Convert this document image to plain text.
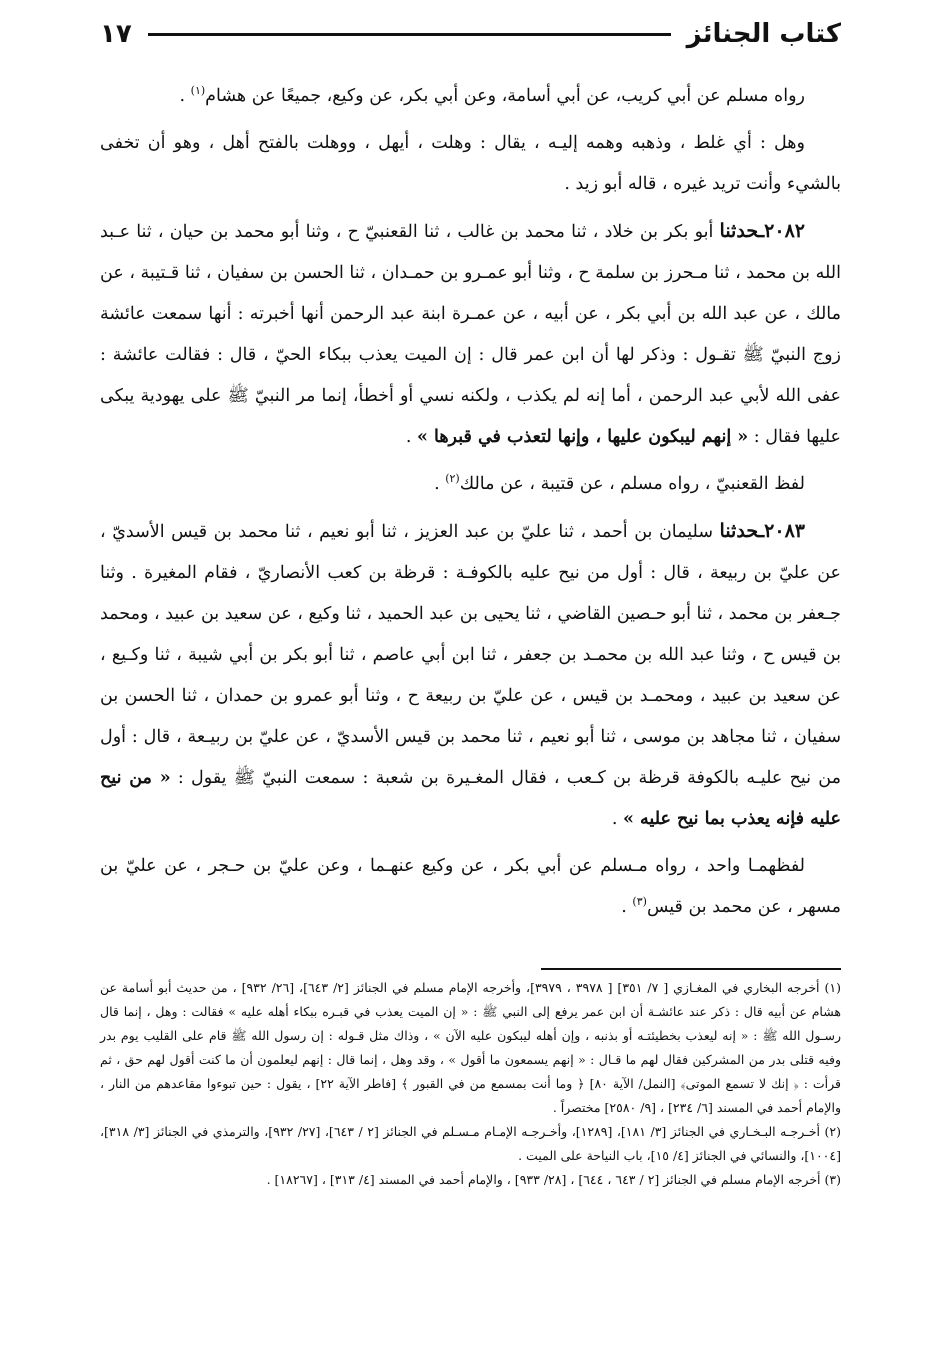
كتاب الجنائز
١٧

رواه مسلم عن أبي كريب، عن أبي أسامة، وعن أبي بكر، عن وكيع، جميعًا عن هشام$^{(١)}$ .

وهل : أي غلط ، وذهبه وهمه إليـه ، يقال : وهلت ، أيهل ، ووهلت بالفتح أهل ، وهو أن تخفى بالشيء وأنت تريد غيره ، قاله أبو زيد .

٢٠٨٢ـحدثنا أبو بكر بن خلاد ، ثنا محمد بن غالب ، ثنا القعنبيّ ح ، وثنا أبو محمد بن حيان ، ثنا عـبد الله بن محمد ، ثنا مـحرز بن سلمة ح ، وثنا أبو عمـرو بن حمـدان ، ثنا الحسن بن سفيان ، ثنا قـتيبة ، عن مالك ، عن عبد الله بن أبي بكر ، عن أبيه ، عن عمـرة ابنة عبد الرحمن أنها أخبرته : أنها سمعت عائشة زوج النبيّ ﷺ تقـول : وذكر لها أن ابن عمر قال : إن الميت يعذب ببكاء الحيّ ، قال : فقالت عائشة : عفى الله لأبي عبد الرحمن ، أما إنه لم يكذب ، ولكنه نسي أو أخطأ، إنما مر النبيّ ﷺ على يهودية يبكى عليها فقال : « إنهم ليبكون عليها ، وإنها لتعذب في قبرها » .

لفظ القعنبيّ ، رواه مسلم ، عن قتيبة ، عن مالك$^{(٢)}$ .

٢٠٨٣ـحدثنا سليمان بن أحمد ، ثنا عليّ بن عبد العزيز ، ثنا أبو نعيم ، ثنا محمد بن قيس الأسديّ ، عن عليّ بن ربيعة ، قال : أول من نيح عليه بالكوفـة : قرظة بن كعب الأنصاريّ ، فقام المغيرة . وثنا جـعفر بن محمد ، ثنا أبو حـصين القاضي ، ثنا يحيى بن عبد الحميد ، ثنا وكيع ، عن سعيد بن عبيد ، ومحمد بن قيس ح ، وثنا عبد الله بن محمـد بن جعفر ، ثنا ابن أبي عاصم ، ثنا أبو بكر بن أبي شيبة ، ثنا وكـيع ، عن سعيد بن عبيد ، ومحمـد بن قيس ، عن عليّ بن ربيعة ح ، وثنا أبو عمرو بن حمدان ، ثنا الحسن بن سفيان ، ثنا مجاهد بن موسى ، ثنا أبو نعيم ، ثنا محمد بن قيس الأسديّ ، عن عليّ بن ربيـعة ، قال : أول من نيح عليـه بالكوفة قرظة بن كـعب ، فقال المغـيرة بن شعبة : سمعت النبيّ ﷺ يقول : « من نيح عليه فإنه يعذب بما نيح عليه » .

لفظهمـا واحد ، رواه مـسلم عن أبي بكر ، عن وكيع عنهـما ، وعن عليّ بن حـجر ، عن عليّ بن مسهر ، عن محمد بن قيس$^{(٣)}$ .

(١) أخرجه البخاري في المغـازي [ ٧/ ٣٥١] [ ٣٩٧٨ ، ٣٩٧٩]، وأخرجه الإمام مسلم في الجنائز [٢/ ٦٤٣]، [٢٦/ ٩٣٢] ، من حديث أبو أسامة عن هشام عن أبيه قال : ذكر عند عائشـة أن ابن عمر يرفع إلى النبي ﷺ : « إن الميت يعذب في قبـره ببكاء أهله عليه » فقالت : وهل ، إنما قال رسـول الله ﷺ : « إنه ليعذب بخطيئتـه أو بذنبه ، وإن أهله ليبكون عليه الآن » ، وذاك مثل قـوله : إن رسول الله ﷺ قام على القليب يوم بدر وفيه قتلى بدر من المشركين فقال لهم ما قـال : « إنهم يسمعون ما أقول » ، وقد وهل ، إنما قال : إنهم ليعلمون أن ما كنت أقول لهم حق ، ثم قرأت : ﴿ إنك لا تسمع الموتى﴾ [النمل/ الآية ٨٠] ﴿ وما أنت بمسمع من في القبور ﴾ [فاطر الآية ٢٢] ، يقول : حين تبوءوا مقاعدهم من النار ، والإمام أحمد في المسند [٦/ ٢٣٤] ، [٩/ ٢٥٨٠] مختصراً .

(٢) أخـرجـه البـخـاري في الجنائز [٣/ ١٨١]، [١٢٨٩]، وأخـرجـه الإمـام مـسـلم في الجنائز [٢ / ٦٤٣]، [٢٧/ ٩٣٢]، والترمذي في الجنائز [٣/ ٣١٨]، [١٠٠٤]، والنسائي في الجنائز [٤/ ١٥]، باب النياحة على الميت .

(٣) أخرجه الإمام مسلم في الجنائز [٢ / ٦٤٣ ، ٦٤٤] ، [٢٨/ ٩٣٣] ، والإمام أحمد في المسند [٤/ ٣١٣] ، [١٨٢٦٧] .
